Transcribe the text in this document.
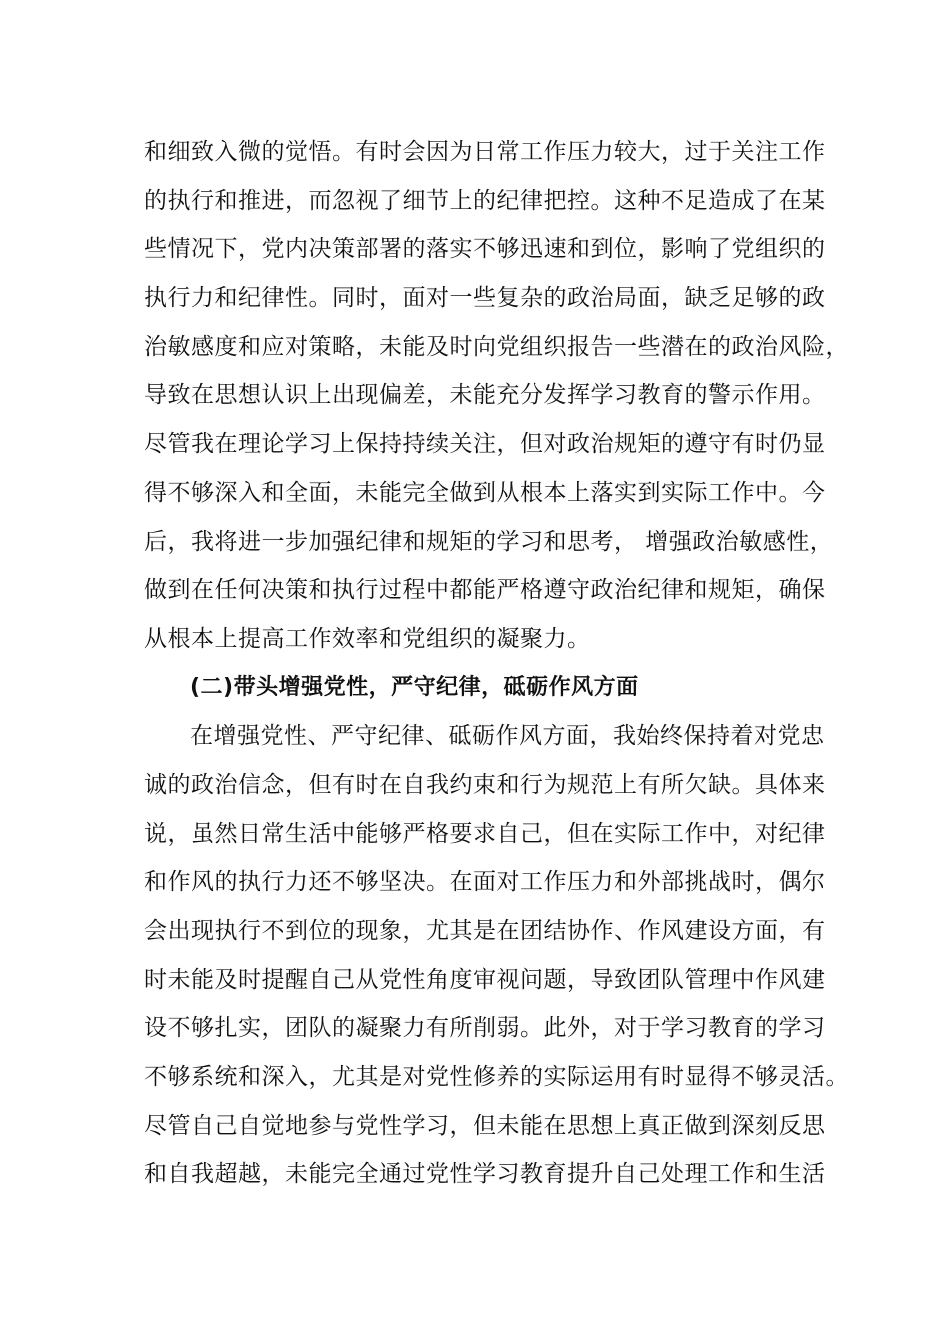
和细致入微的觉悟。有时会因为日常工作压力较大，过于关注工作
的执行和推进，而忽视了细节上的纪律把控。这种不足造成了在某
些情况下，党内决策部署的落实不够迅速和到位，影响了党组织的
执行力和纪律性。同时，面对一些复杂的政治局面，缺乏足够的政
治敏感度和应对策略，未能及时向党组织报告一些潜在的政治风险，
导致在思想认识上出现偏差，未能充分发挥学习教育的警示作用。
尽管我在理论学习上保持持续关注，但对政治规矩的遵守有时仍显
得不够深入和全面，未能完全做到从根本上落实到实际工作中。今
后，我将进一步加强纪律和规矩的学习和思考， 增强政治敏感性，
做到在任何决策和执行过程中都能严格遵守政治纪律和规矩，确保
从根本上提高工作效率和党组织的凝聚力。
(二)带头增强党性，严守纪律，砥砺作风方面
在增强党性、严守纪律、砥砺作风方面，我始终保持着对党忠
诚的政治信念，但有时在自我约束和行为规范上有所欠缺。具体来
说，虽然日常生活中能够严格要求自己，但在实际工作中，对纪律
和作风的执行力还不够坚决。在面对工作压力和外部挑战时，偶尔
会出现执行不到位的现象，尤其是在团结协作、作风建设方面，有
时未能及时提醒自己从党性角度审视问题，导致团队管理中作风建
设不够扎实，团队的凝聚力有所削弱。此外，对于学习教育的学习
不够系统和深入，尤其是对党性修养的实际运用有时显得不够灵活。
尽管自己自觉地参与党性学习，但未能在思想上真正做到深刻反思
和自我超越，未能完全通过党性学习教育提升自己处理工作和生活
